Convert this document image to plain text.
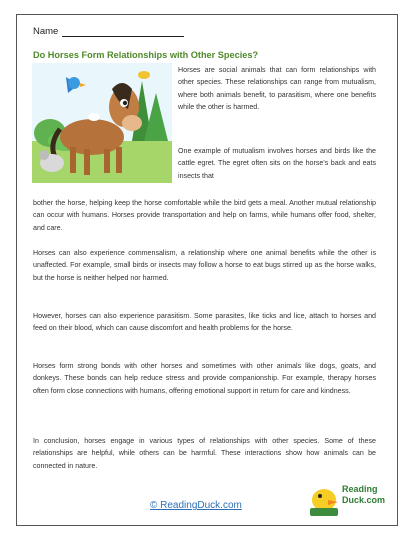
Name
Do Horses Form Relationships with Other Species?

Horses are social animals that can form relationships with other species. These relationships can range from mutualism, where both animals benefit, to parasitism, where one benefits while the other is harmed.

One example of mutualism involves horses and birds like the cattle egret. The egret often sits on the horse's back and eats insects that

bother the horse, helping keep the horse comfortable while the bird gets a meal. Another mutual relationship can occur with humans. Horses provide transportation and help on farms, while humans offer food, shelter, and care.

Horses can also experience commensalism, a relationship where one animal benefits while the other is unaffected. For example, small birds or insects may follow a horse to eat bugs stirred up as the horse walks, but the horse is neither helped nor harmed.

However, horses can also experience parasitism. Some parasites, like ticks and lice, attach to horses and feed on their blood, which can cause discomfort and health problems for the horse.

Horses form strong bonds with other horses and sometimes with other animals like dogs, goats, and donkeys. These bonds can help reduce stress and provide companionship. For example, therapy horses often form close connections with humans, offering emotional support in return for care and kindness.

In conclusion, horses engage in various types of relationships with other species. Some of these relationships are helpful, while others can be harmful. These interactions show how animals can be connected in nature.

© ReadingDuck.com
Reading
Duck.com
